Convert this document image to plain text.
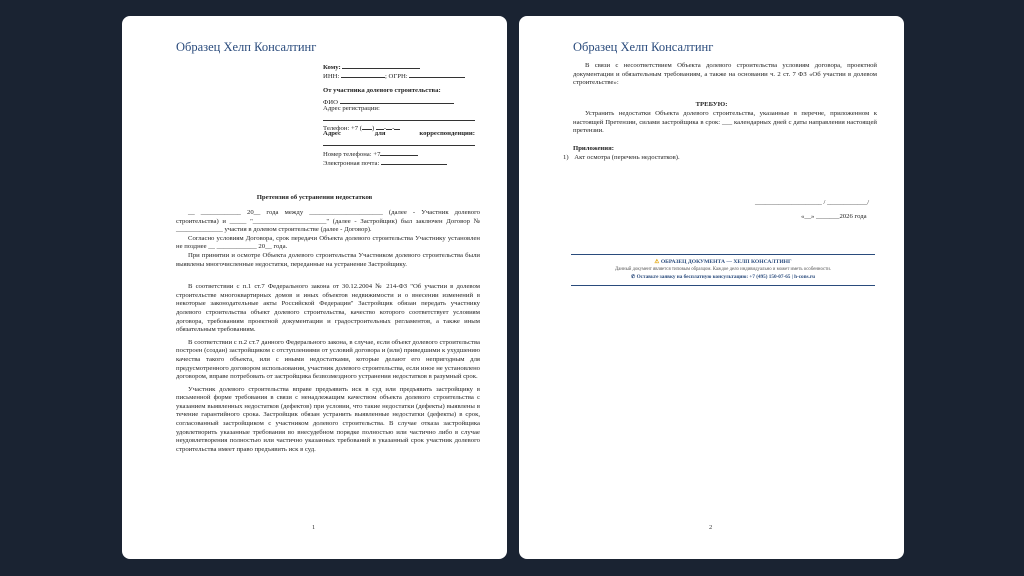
Образец Хелп Консалтинг
Кому:
ИНН:	; ОГРН:
От участника долевого строительства:
ФИО
Адрес регистрации:
Телефон: +7 ( ) - -
Адрес	для	корреспонденции:
Номер телефона: +7
Электронная почта:
Претензия об устранении недостатков

__ ____________ 20__ года между ______________________ (далее - Участник долевого строительства) и _____ "______________________" (далее - Застройщик) был заключен Договор № ______________ участия в долевом строительстве (далее - Договор).

Согласно условиям Договора, срок передачи Объекта долевого строительства Участнику установлен не позднее __ ____________ 20__ года.

При принятии и осмотре Объекта долевого строительства Участником долевого строительства были выявлены многочисленные недостатки, переданные на устранение Застройщику.

В соответствии с п.1 ст.7 Федерального закона от 30.12.2004 № 214-ФЗ "Об участии в долевом строительстве многоквартирных домов и иных объектов недвижимости и о внесении изменений в некоторые законодательные акты Российской Федерации" Застройщик обязан передать участнику долевого строительства объект долевого строительства, качество которого соответствует условиям договора, требованиям проектной документации и градостроительных регламентов, а также иным обязательным требованиям.

В соответствии с п.2 ст.7 данного Федерального закона, в случае, если объект долевого строительства построен (создан) застройщиком с отступлениями от условий договора и (или) приведшими к ухудшению качества такого объекта, или с иными недостатками, которые делают его непригодным для предусмотренного договором использования, участник долевого строительства, если иное не установлено договором, вправе потребовать от застройщика безвозмездного устранения недостатков в разумный срок.

Участник долевого строительства вправе предъявить иск в суд или предъявить застройщику в письменной форме требования в связи с ненадлежащим качеством объекта долевого строительства с указанием выявленных недостатков (дефектов) при условии, что такие недостатки (дефекты) выявлены в течение гарантийного срока. Застройщик обязан устранить выявленные недостатки (дефекты) в срок, согласованный застройщиком с участником долевого строительства. В случае отказа застройщика удовлетворить указанные требования во внесудебном порядке полностью или частично либо в случае неудовлетворения полностью или частично указанных требований в указанный срок участник долевого строительства имеет право предъявить иск в суд.

1
Образец Хелп Консалтинг

В связи с несоответствием Объекта долевого строительства условиям договора, проектной документации и обязательным требованиям, а также на основании ч. 2 ст. 7 ФЗ «Об участии в долевом строительстве»:

ТРЕБУЮ:

Устранить недостатки Объекта долевого строительства, указанные в перечне, приложенном к настоящей Претензии, силами застройщика в срок: ___ календарных дней с даты направления настоящей претензии.

Приложения:
1) Акт осмотра (перечень недостатков).
____________________ / ____________/
«__» _______2026 года
⚠ ОБРАЗЕЦ ДОКУМЕНТА — ХЕЛП КОНСАЛТИНГ
Данный документ является типовым образцом. Каждое дело индивидуально и может иметь особенности.
✆ Оставьте заявку на бесплатную консультацию: +7 (495) 150-07-65 | h-cons.ru
2
